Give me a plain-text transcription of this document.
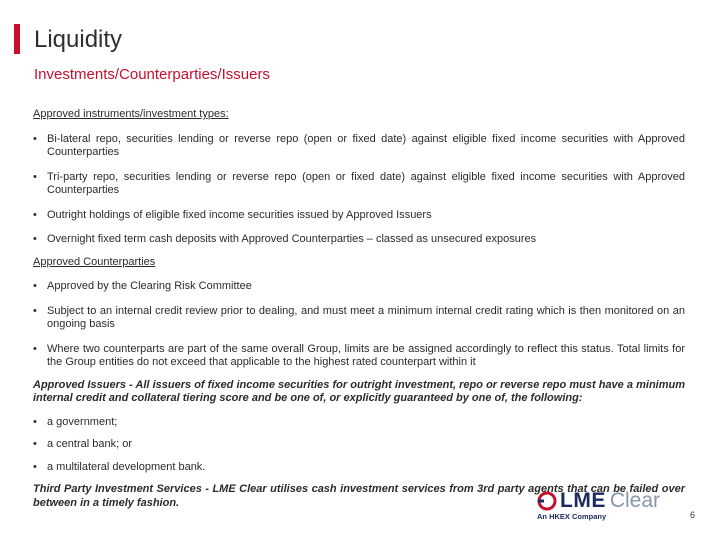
Liquidity
Investments/Counterparties/Issuers
Approved instruments/investment types:
• Bi-lateral repo, securities lending or reverse repo (open or fixed date) against eligible fixed income securities with Approved Counterparties
• Tri-party repo, securities lending or reverse repo (open or fixed date) against eligible fixed income securities with Approved Counterparties
• Outright holdings of eligible fixed income securities issued by Approved Issuers
• Overnight fixed term cash deposits with Approved Counterparties – classed as unsecured exposures
Approved Counterparties
• Approved by the Clearing Risk Committee
• Subject to an internal credit review prior to dealing, and must meet a minimum internal credit rating which is then monitored on an ongoing basis
• Where two counterparts are part of the same overall Group, limits are be assigned accordingly to reflect this status. Total limits for the Group entities do not exceed that applicable to the highest rated counterpart within it
Approved Issuers - All issuers of fixed income securities for outright investment, repo or reverse repo must have a minimum internal credit and collateral tiering score and be one of, or explicitly guaranteed by one of, the following:
• a government;
• a central bank; or
• a multilateral development bank.
Third Party Investment Services - LME Clear utilises cash investment services from 3rd party agents that can be failed over between in a timely fashion.	LME Clear
An HKEX Company	6
